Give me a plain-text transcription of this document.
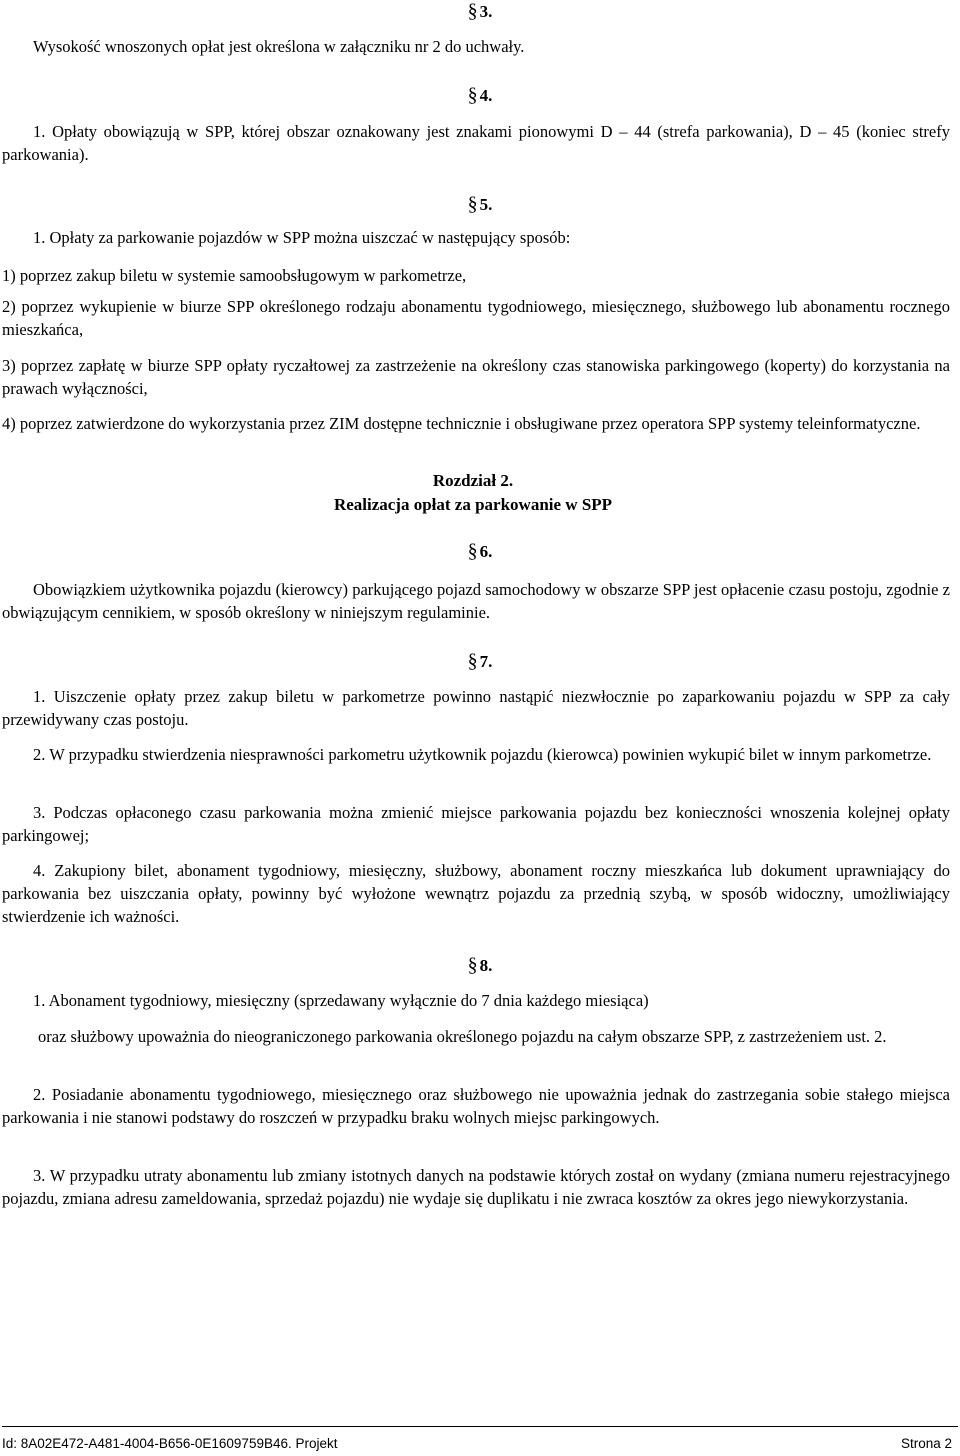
§ 3.
Wysokość wnoszonych opłat jest określona w załączniku nr 2 do uchwały.
§ 4.
1. Opłaty obowiązują w SPP, której obszar oznakowany jest znakami pionowymi D – 44 (strefa parkowania), D – 45 (koniec strefy parkowania).
§ 5.
1. Opłaty za parkowanie pojazdów w SPP można uiszczać w następujący sposób:
1) poprzez zakup biletu w systemie samoobsługowym w parkometrze,
2) poprzez wykupienie w biurze SPP określonego rodzaju abonamentu tygodniowego, miesięcznego, służbowego lub abonamentu rocznego mieszkańca,
3) poprzez zapłatę w biurze SPP opłaty ryczałtowej za zastrzeżenie na określony czas stanowiska parkingowego (koperty) do korzystania na prawach wyłączności,
4) poprzez zatwierdzone do wykorzystania przez ZIM dostępne technicznie i obsługiwane przez operatora SPP systemy teleinformatyczne.
Rozdział 2.
Realizacja opłat za parkowanie w SPP
§ 6.
Obowiązkiem użytkownika pojazdu (kierowcy) parkującego pojazd samochodowy w obszarze SPP jest opłacenie czasu postoju, zgodnie z obwiązującym cennikiem, w sposób określony w niniejszym regulaminie.
§ 7.
1. Uiszczenie opłaty przez zakup biletu w parkometrze powinno nastąpić niezwłocznie po zaparkowaniu pojazdu w SPP za cały przewidywany czas postoju.
2. W przypadku stwierdzenia niesprawności parkometru użytkownik pojazdu (kierowca) powinien wykupić bilet w innym parkometrze.
3. Podczas opłaconego czasu parkowania można zmienić miejsce parkowania pojazdu bez konieczności wnoszenia kolejnej opłaty parkingowej;
4. Zakupiony bilet, abonament tygodniowy, miesięczny, służbowy, abonament roczny mieszkańca lub dokument uprawniający do parkowania bez uiszczania opłaty, powinny być wyłożone wewnątrz pojazdu za przednią szybą, w sposób widoczny, umożliwiający stwierdzenie ich ważności.
§ 8.
1. Abonament tygodniowy, miesięczny (sprzedawany wyłącznie do 7 dnia każdego miesiąca)
oraz służbowy upoważnia do nieograniczonego parkowania określonego pojazdu na całym obszarze SPP, z zastrzeżeniem ust. 2.
2. Posiadanie abonamentu tygodniowego, miesięcznego oraz służbowego nie upoważnia jednak do zastrzegania sobie stałego miejsca parkowania i nie stanowi podstawy do roszczeń w przypadku braku wolnych miejsc parkingowych.
3. W przypadku utraty abonamentu lub zmiany istotnych danych na podstawie których został on wydany (zmiana numeru rejestracyjnego pojazdu, zmiana adresu zameldowania, sprzedaż pojazdu) nie wydaje się duplikatu i nie zwraca kosztów za okres jego niewykorzystania.
Id: 8A02E472-A481-4004-B656-0E1609759B46. Projekt	Strona 2
